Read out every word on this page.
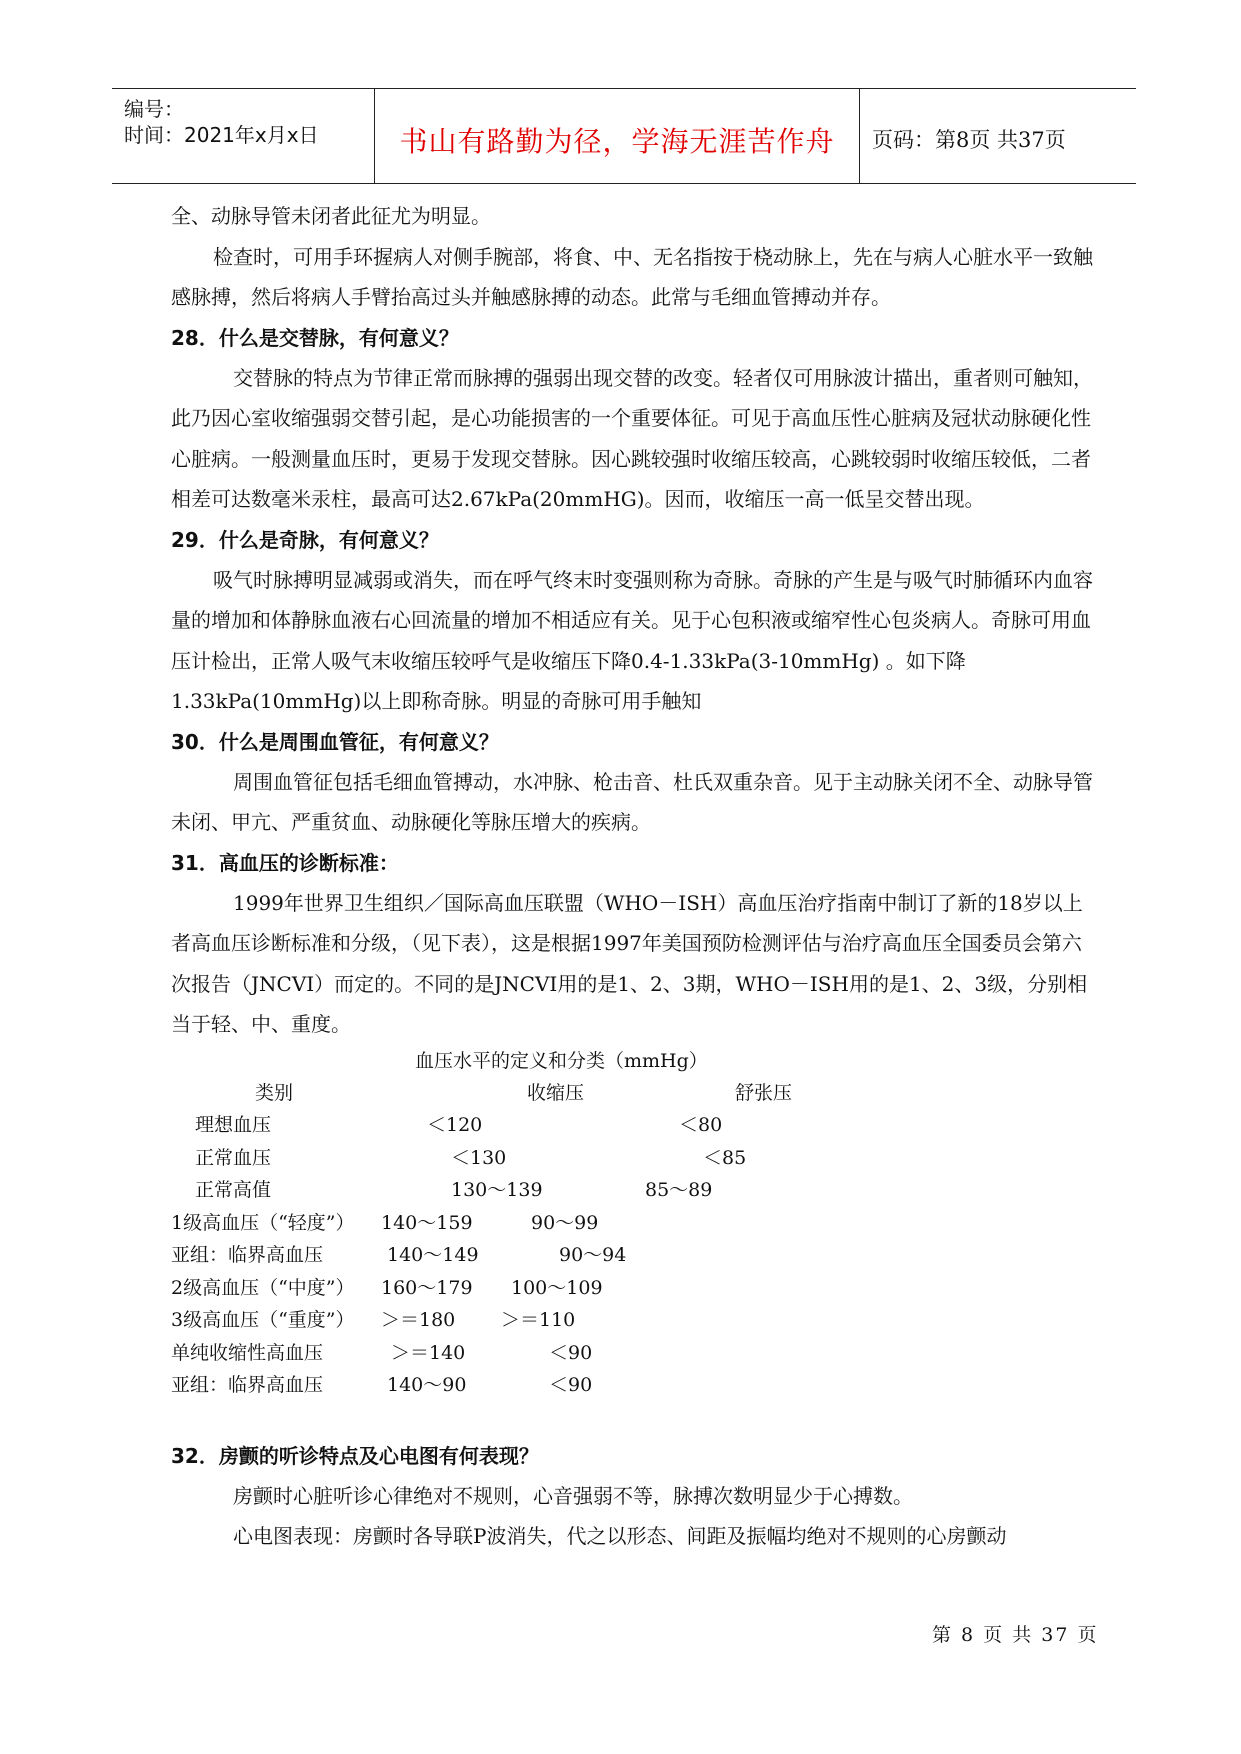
编号：
时间：2021年x月x日	书山有路勤为径，学海无涯苦作舟	页码：第8页 共37页

全、动脉导管未闭者此征尤为明显。

检查时，可用手环握病人对侧手腕部，将食、中、无名指按于桡动脉上，先在与病人心脏水平一致触感脉搏，然后将病人手臂抬高过头并触感脉搏的动态。此常与毛细血管搏动并存。

28．什么是交替脉，有何意义？

交替脉的特点为节律正常而脉搏的强弱出现交替的改变。轻者仅可用脉波计描出，重者则可触知，此乃因心室收缩强弱交替引起，是心功能损害的一个重要体征。可见于高血压性心脏病及冠状动脉硬化性心脏病。一般测量血压时，更易于发现交替脉。因心跳较强时收缩压较高，心跳较弱时收缩压较低，二者相差可达数毫米汞柱，最高可达2.67kPa(20mmHG)。因而，收缩压一高一低呈交替出现。

29．什么是奇脉，有何意义？

吸气时脉搏明显减弱或消失，而在呼气终末时变强则称为奇脉。奇脉的产生是与吸气时肺循环内血容量的增加和体静脉血液右心回流量的增加不相适应有关。见于心包积液或缩窄性心包炎病人。奇脉可用血压计检出，正常人吸气末收缩压较呼气是收缩压下降0.4-1.33kPa(3-10mmHg) 。如下降1.33kPa(10mmHg)以上即称奇脉。明显的奇脉可用手触知

30．什么是周围血管征，有何意义？

周围血管征包括毛细血管搏动，水冲脉、枪击音、杜氏双重杂音。见于主动脉关闭不全、动脉导管未闭、甲亢、严重贫血、动脉硬化等脉压增大的疾病。

31．高血压的诊断标准：

1999年世界卫生组织／国际高血压联盟（WHO－ISH）高血压治疗指南中制订了新的18岁以上者高血压诊断标准和分级，（见下表），这是根据1997年美国预防检测评估与治疗高血压全国委员会第六次报告（JNCVI）而定的。不同的是JNCVI用的是1、2、3期，WHO－ISH用的是1、2、3级，分别相当于轻、中、重度。

血压水平的定义和分类（mmHg）

类别	收缩压	舒张压
理想血压	＜120	＜80
正常血压	＜130	＜85
正常高值	130～139	85～89
1级高血压（“轻度”） 140～159	90～99
亚组：临界高血压	140～149	90～94
2级高血压（“中度”） 160～179 100～109
3级高血压（“重度”） ＞＝180 ＞＝110
单纯收缩性高血压	＞＝140	＜90
亚组：临界高血压	140～90	＜90

32．房颤的听诊特点及心电图有何表现？

房颤时心脏听诊心律绝对不规则，心音强弱不等，脉搏次数明显少于心搏数。

心电图表现：房颤时各导联P波消失，代之以形态、间距及振幅均绝对不规则的心房颤动

第 8 页 共 37 页
